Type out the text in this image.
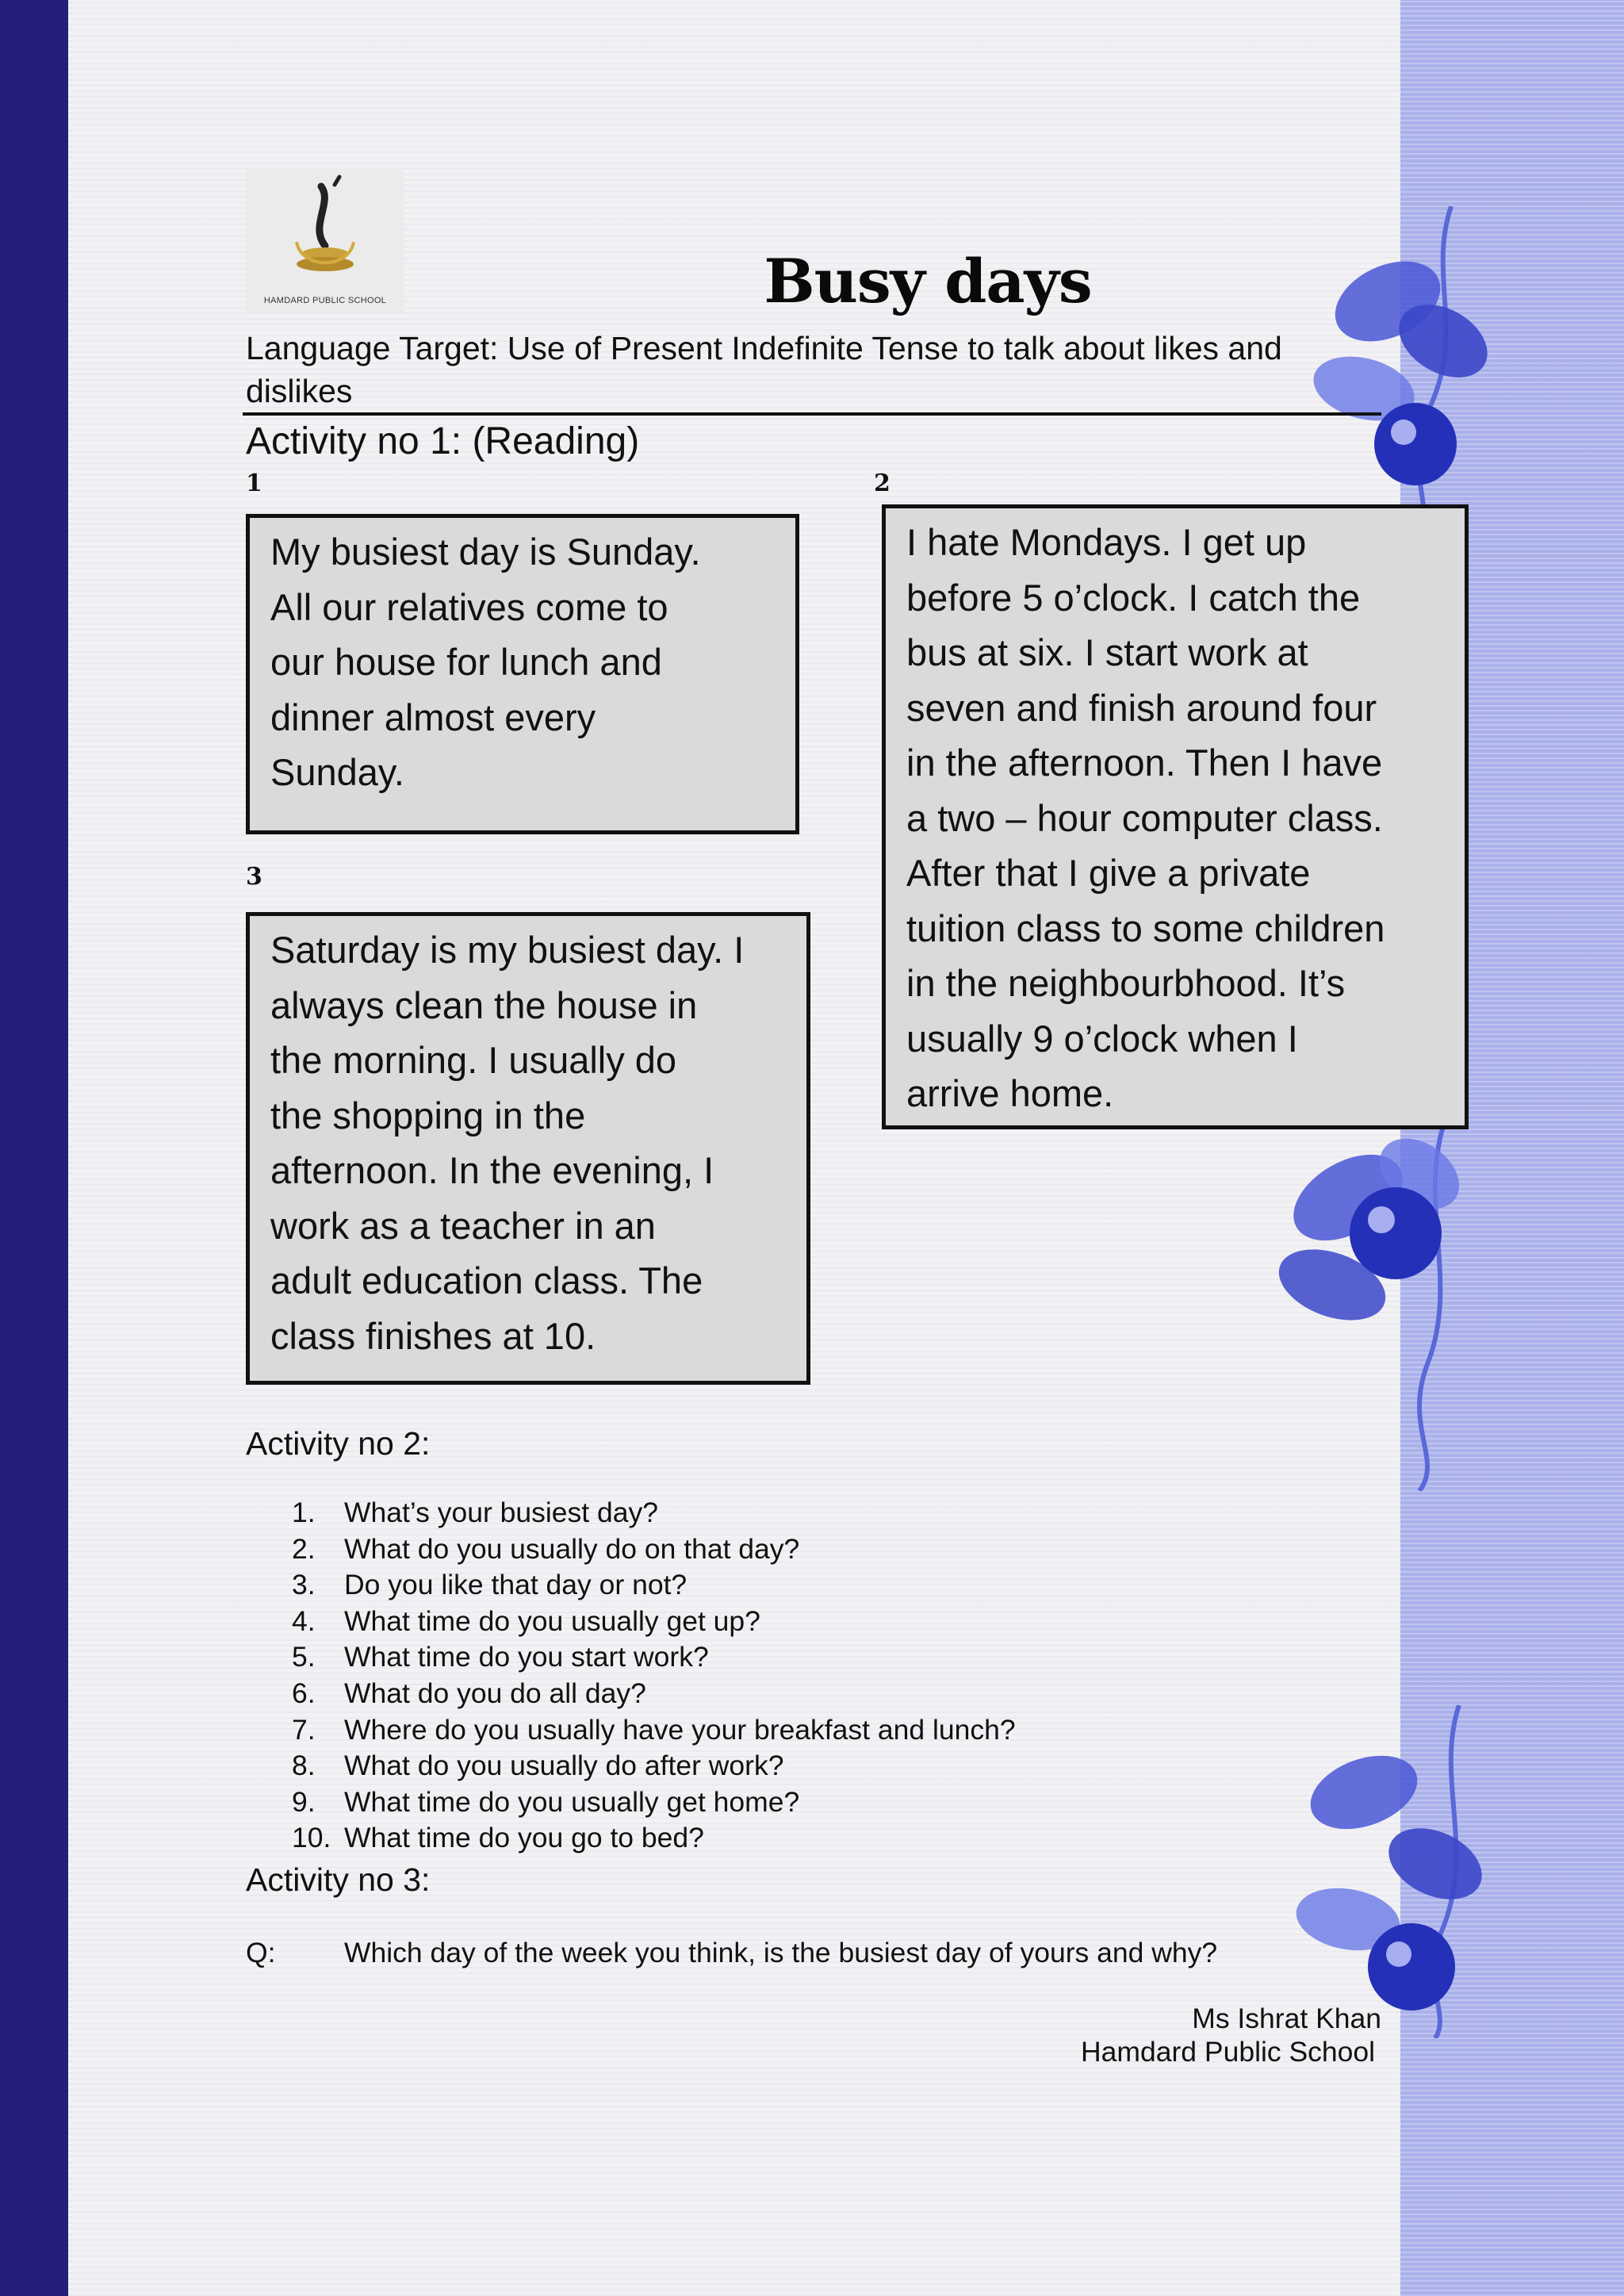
HAMDARD PUBLIC SCHOOL	Busy days
Language Target: Use of Present Indefinite Tense to talk about likes and dislikes
Activity no 1: (Reading)
1
My busiest day is Sunday.
All our relatives come to
our house for lunch and
dinner almost every
Sunday.
2
I hate Mondays. I get up
before 5 o’clock. I catch the
bus at six. I start work at
seven and finish around four
in the afternoon. Then I have
a two – hour computer class.
After that I give a private
tuition class to some children
in the neighbourbhood. It’s
usually 9 o’clock when I
arrive home.
3
Saturday is my busiest day. I
always clean the house in
the morning. I usually do
the shopping in the
afternoon. In the evening, I
work as a teacher in an
adult education class. The
class finishes at 10.
Activity no 2:
1.	What’s your busiest day?
2.	What do you usually do on that day?
3.	Do you like that day or not?
4.	What time do you usually get up?
5.	What time do you start work?
6.	What do you do all day?
7.	Where do you usually have your breakfast and lunch?
8.	What do you usually do after work?
9.	What time do you usually get home?
10. What time do you go to bed?
Activity no 3:
Q: Which day of the week you think, is the busiest day of yours and why?
Ms Ishrat Khan
Hamdard Public School
